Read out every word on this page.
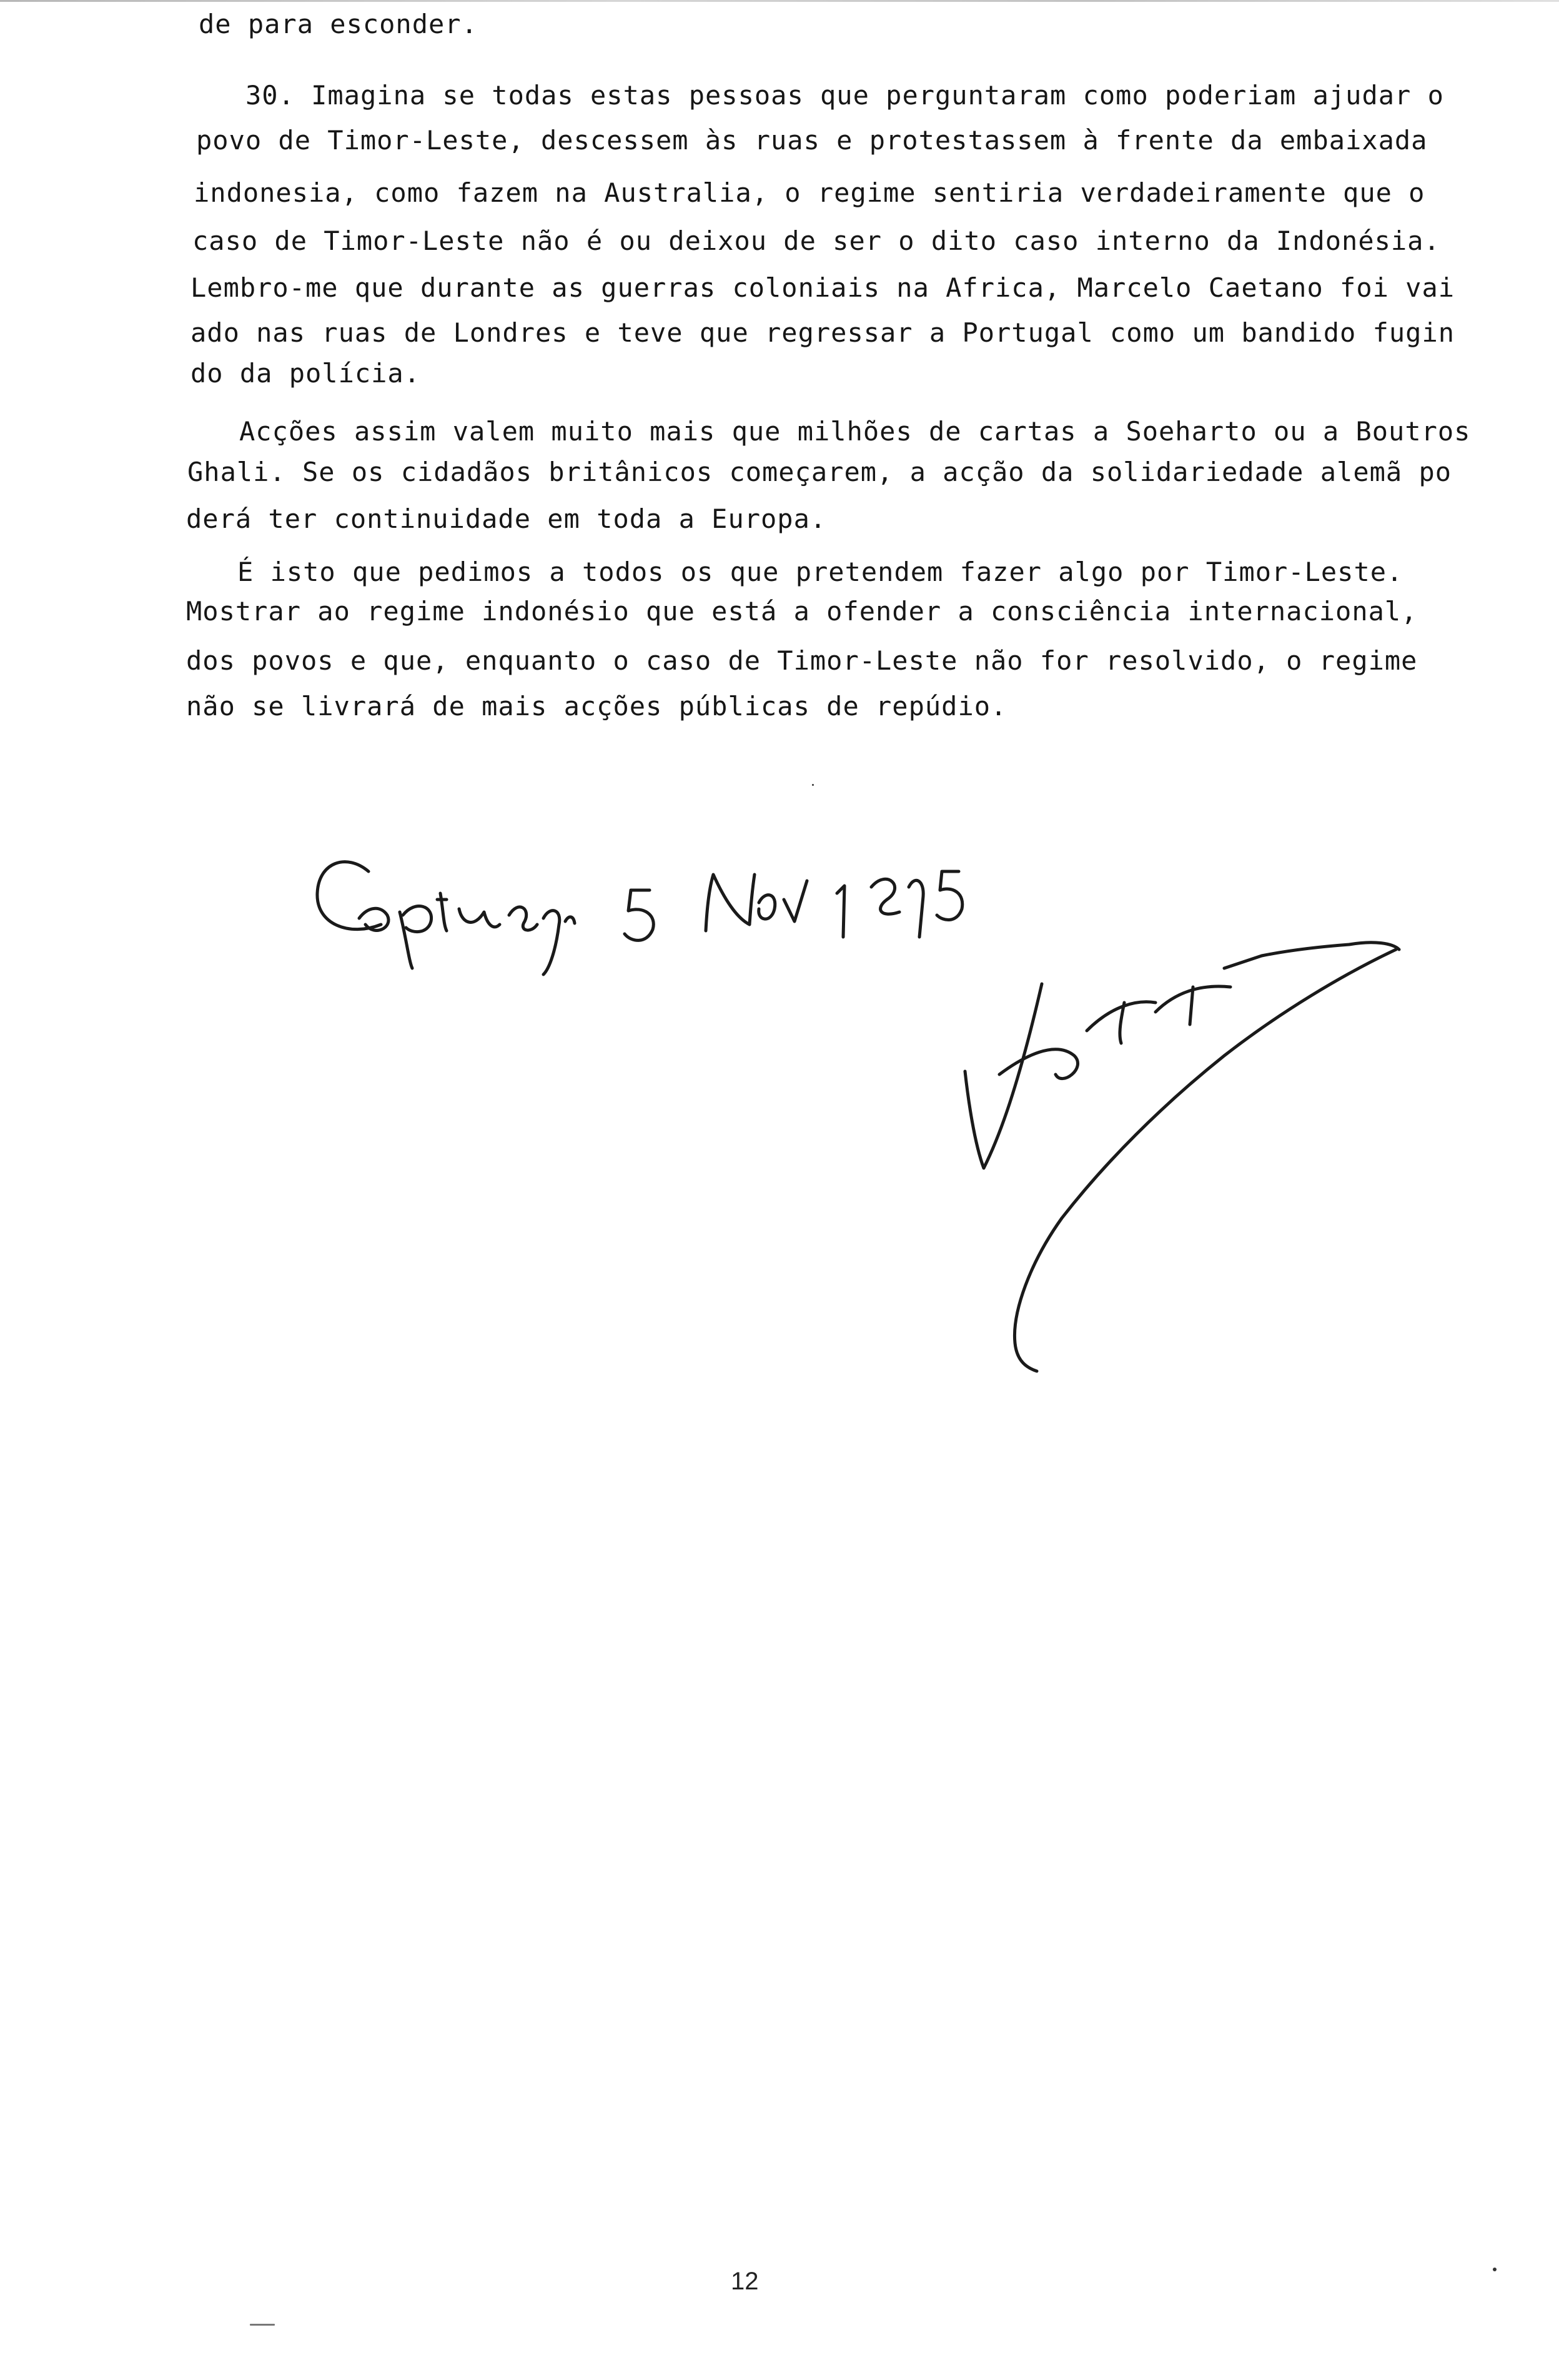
de para esconder.
30. Imagina se todas estas pessoas que perguntaram como poderiam ajudar o
povo de Timor-Leste, descessem às ruas e protestassem à frente da embaixada
indonesia, como fazem na Australia, o regime sentiria verdadeiramente que o
caso de Timor-Leste não é ou deixou de ser o dito caso interno da Indonésia.
Lembro-me que durante as guerras coloniais na Africa, Marcelo Caetano foi vai
ado nas ruas de Londres e teve que regressar a Portugal como um bandido fugin
do da polícia.
Acções assim valem muito mais que milhões de cartas a Soeharto ou a Boutros
Ghali. Se os cidadãos britânicos começarem, a acção da solidariedade alemã po
derá ter continuidade em toda a Europa.
É isto que pedimos a todos os que pretendem fazer algo por Timor-Leste.
Mostrar ao regime indonésio que está a ofender a consciência internacional,
dos povos e que, enquanto o caso de Timor-Leste não for resolvido, o regime
não se livrará de mais acções públicas de repúdio.
12
